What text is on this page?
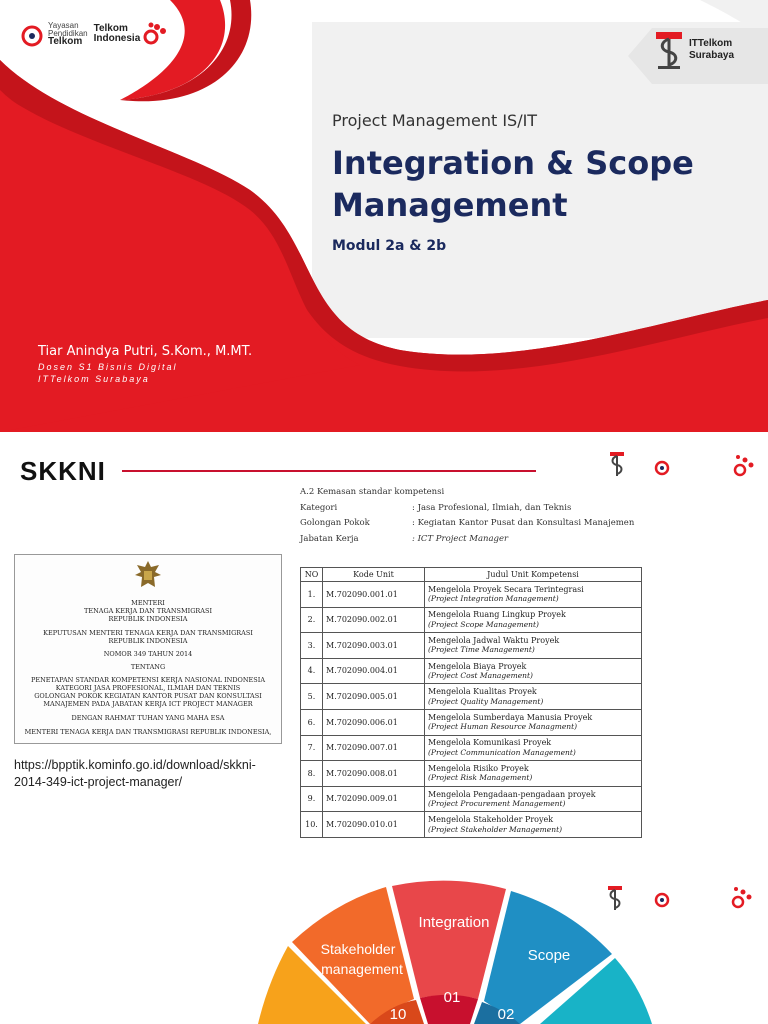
Yayasan
Pendidikan
Telkom
Telkom
Indonesia	ITTelkom
Surabaya
Project Management IS/IT
Integration & Scope
Management
Modul 2a & 2b
Tiar Anindya Putri, S.Kom., M.MT.
Dosen S1 Bisnis Digital
ITTelkom Surabaya
SKKNI
MENTERI
TENAGA KERJA DAN TRANSMIGRASI
REPUBLIK INDONESIA
KEPUTUSAN MENTERI TENAGA KERJA DAN TRANSMIGRASI
REPUBLIK INDONESIA
NOMOR 349 TAHUN 2014
TENTANG
PENETAPAN STANDAR KOMPETENSI KERJA NASIONAL INDONESIA
KATEGORI JASA PROFESIONAL, ILMIAH DAN TEKNIS
GOLONGAN POKOK KEGIATAN KANTOR PUSAT DAN KONSULTASI
MANAJEMEN PADA JABATAN KERJA ICT PROJECT MANAGER
DENGAN RAHMAT TUHAN YANG MAHA ESA
MENTERI TENAGA KERJA DAN TRANSMIGRASI REPUBLIK INDONESIA,
https://bpptik.kominfo.go.id/download/skkni-2014-349-ict-project-manager/
A.2 Kemasan standar kompetensi
Kategori	: Jasa Profesional, Ilmiah, dan Teknis
Golongan Pokok	: Kegiatan Kantor Pusat dan Konsultasi Manajemen
Jabatan Kerja	: ICT Project Manager
NO	Kode Unit	Judul Unit Kompetensi
1.	M.702090.001.01	Mengelola Proyek Secara Terintegrasi
(Project Integration Management)

2.	M.702090.002.01	Mengelola Ruang Lingkup Proyek
(Project Scope Management)

3.	M.702090.003.01	Mengelola Jadwal Waktu Proyek
(Project Time Management)

4.	M.702090.004.01	Mengelola Biaya Proyek
(Project Cost Management)

5.	M.702090.005.01	Mengelola Kualitas Proyek
(Project Quality Management)

6.	M.702090.006.01	Mengelola Sumberdaya Manusia Proyek
(Project Human Resource Managment)

7.	M.702090.007.01	Mengelola Komunikasi Proyek
(Project Communication Management)

8.	M.702090.008.01	Mengelola Risiko Proyek
(Project Risk Management)

9.	M.702090.009.01	Mengelola Pengadaan-pengadaan proyek
(Project Procurement Management)

10.	M.702090.010.01	Mengelola Stakeholder Proyek
(Project Stakeholder Management)
Integration
Scope
Stakeholder
management
01
02
10
